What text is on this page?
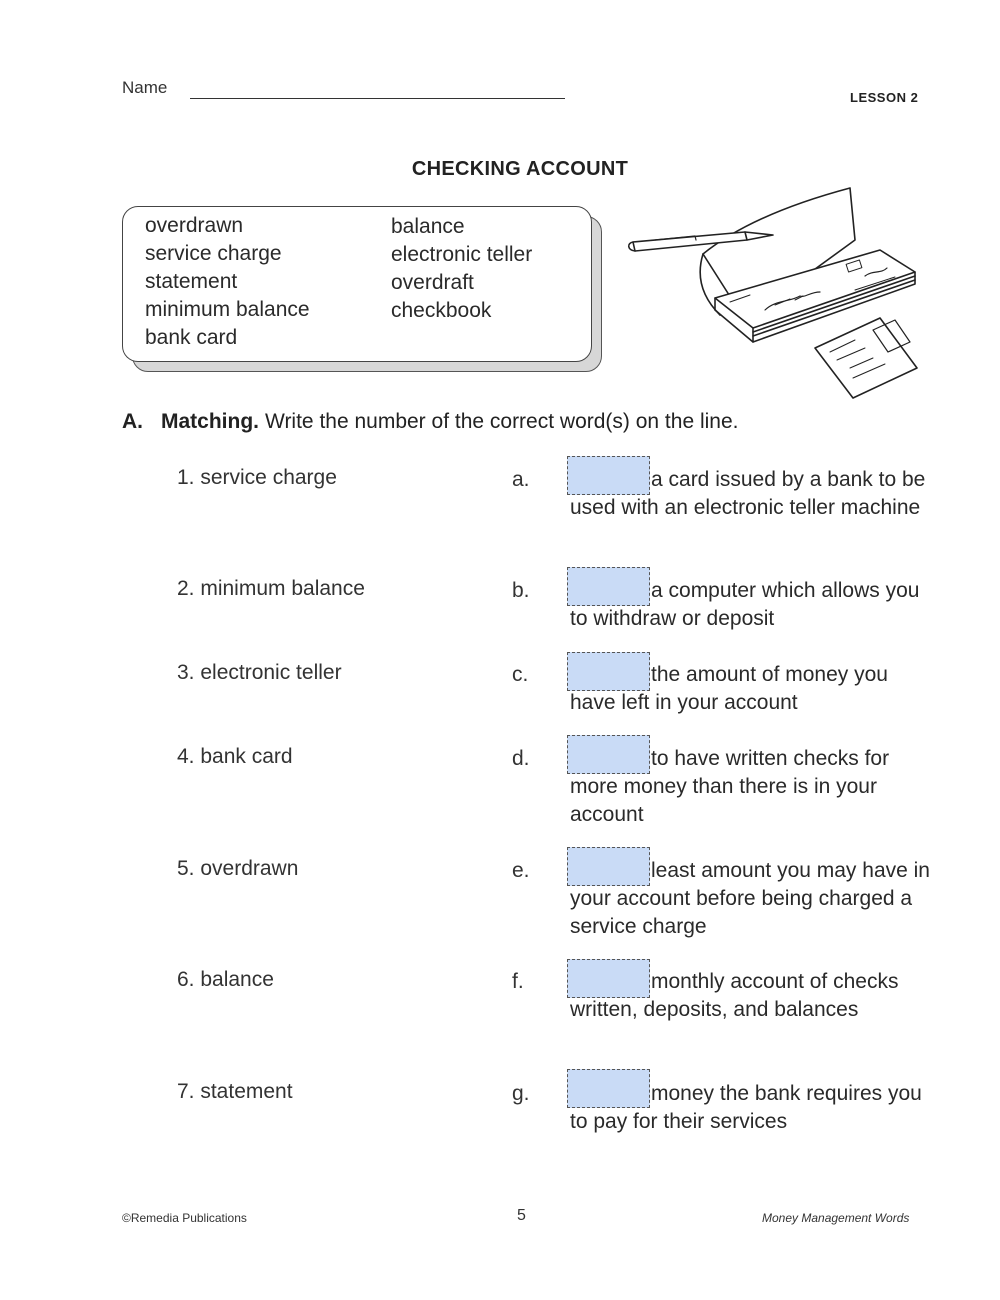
Name
LESSON 2
CHECKING ACCOUNT
overdrawn
service charge
statement
minimum balance
bank card
balance
electronic teller
overdraft
checkbook
A. Matching. Write the number of the correct word(s) on the line.
1. service charge
2. minimum balance
3. electronic teller
4. bank card
5. overdrawn
6. balance
7. statement
a.	a card issued by a bank to be used with an electronic teller machine
b.	a computer which allows you to withdraw or deposit
c.	the amount of money you have left in your account
d.	to have written checks for more money than there is in your account
e.	least amount you may have in your account before being charged a service charge
f.	monthly account of checks written, deposits, and balances
g.	money the bank requires you to pay for their services
©Remedia Publications	5	Money Management Words
